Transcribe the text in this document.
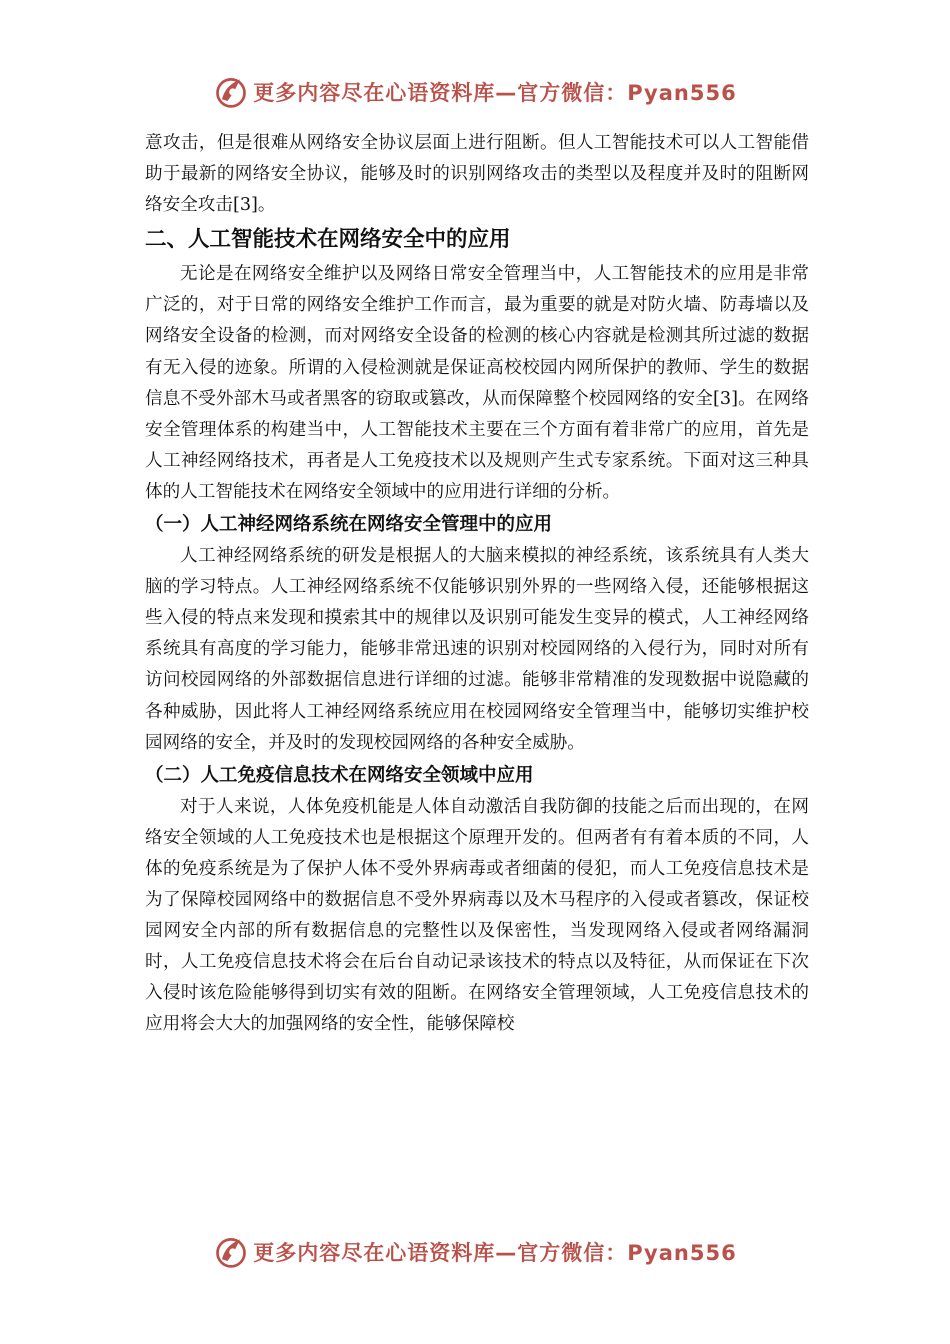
更多内容尽在心语资料库—官方微信：Pyan556

意攻击，但是很难从网络安全协议层面上进行阻断。但人工智能技术可以人工智能借助于最新的网络安全协议，能够及时的识别网络攻击的类型以及程度并及时的阻断网络安全攻击[3]。

二、人工智能技术在网络安全中的应用

无论是在网络安全维护以及网络日常安全管理当中，人工智能技术的应用是非常广泛的，对于日常的网络安全维护工作而言，最为重要的就是对防火墙、防毒墙以及网络安全设备的检测，而对网络安全设备的检测的核心内容就是检测其所过滤的数据有无入侵的迹象。所谓的入侵检测就是保证高校校园内网所保护的教师、学生的数据信息不受外部木马或者黑客的窃取或篡改，从而保障整个校园网络的安全[3]。在网络安全管理体系的构建当中，人工智能技术主要在三个方面有着非常广的应用，首先是人工神经网络技术，再者是人工免疫技术以及规则产生式专家系统。下面对这三种具体的人工智能技术在网络安全领域中的应用进行详细的分析。

（一）人工神经网络系统在网络安全管理中的应用

人工神经网络系统的研发是根据人的大脑来模拟的神经系统，该系统具有人类大脑的学习特点。人工神经网络系统不仅能够识别外界的一些网络入侵，还能够根据这些入侵的特点来发现和摸索其中的规律以及识别可能发生变异的模式，人工神经网络系统具有高度的学习能力，能够非常迅速的识别对校园网络的入侵行为，同时对所有访问校园网络的外部数据信息进行详细的过滤。能够非常精准的发现数据中说隐藏的各种威胁，因此将人工神经网络系统应用在校园网络安全管理当中，能够切实维护校园网络的安全，并及时的发现校园网络的各种安全威胁。

（二）人工免疫信息技术在网络安全领域中应用

对于人来说，人体免疫机能是人体自动激活自我防御的技能之后而出现的，在网络安全领域的人工免疫技术也是根据这个原理开发的。但两者有有着本质的不同，人体的免疫系统是为了保护人体不受外界病毒或者细菌的侵犯，而人工免疫信息技术是为了保障校园网络中的数据信息不受外界病毒以及木马程序的入侵或者篡改，保证校园网安全内部的所有数据信息的完整性以及保密性，当发现网络入侵或者网络漏洞时，人工免疫信息技术将会在后台自动记录该技术的特点以及特征，从而保证在下次入侵时该危险能够得到切实有效的阻断。在网络安全管理领域，人工免疫信息技术的应用将会大大的加强网络的安全性，能够保障校

更多内容尽在心语资料库—官方微信：Pyan556
